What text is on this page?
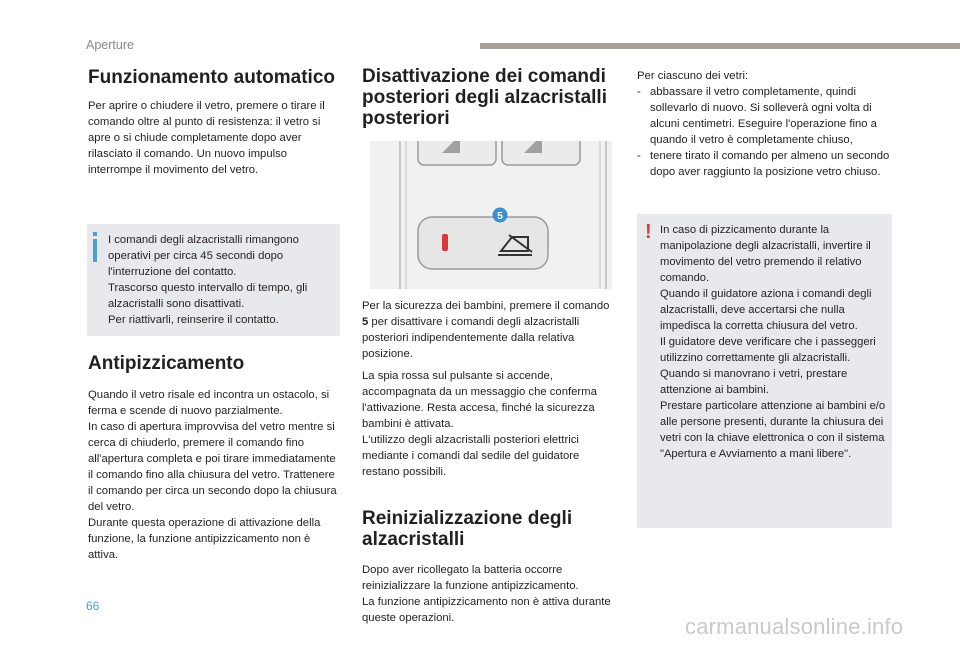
Aperture
Funzionamento automatico

Per aprire o chiudere il vetro, premere o tirare il comando oltre al punto di resistenza: il vetro si apre o si chiude completamente dopo aver rilasciato il comando. Un nuovo impulso interrompe il movimento del vetro.

I comandi degli alzacristalli rimangono operativi per circa 45 secondi dopo l'interruzione del contatto.

Trascorso questo intervallo di tempo, gli alzacristalli sono disattivati.

Per riattivarli, reinserire il contatto.

Antipizzicamento

Quando il vetro risale ed incontra un ostacolo, si ferma e scende di nuovo parzialmente.

In caso di apertura improvvisa del vetro mentre si cerca di chiuderlo, premere il comando fino all'apertura completa e poi tirare immediatamente il comando fino alla chiusura del vetro. Trattenere il comando per circa un secondo dopo la chiusura del vetro.

Durante questa operazione di attivazione della funzione, la funzione antipizzicamento non è attiva.

Disattivazione dei comandi posteriori degli alzacristalli posteriori
5

Per la sicurezza dei bambini, premere il comando 5 per disattivare i comandi degli alzacristalli posteriori indipendentemente dalla relativa posizione.

La spia rossa sul pulsante si accende, accompagnata da un messaggio che conferma l'attivazione. Resta accesa, finché la sicurezza bambini è attivata.

L'utilizzo degli alzacristalli posteriori elettrici mediante i comandi dal sedile del guidatore restano possibili.

Reinizializzazione degli alzacristalli

Dopo aver ricollegato la batteria occorre reinizializzare la funzione antipizzicamento.

La funzione antipizzicamento non è attiva durante queste operazioni.

Per ciascuno dei vetri:

- abbassare il vetro completamente, quindi sollevarlo di nuovo. Si solleverà ogni volta di alcuni centimetri. Eseguire l'operazione fino a quando il vetro è completamente chiuso,
- tenere tirato il comando per almeno un secondo dopo aver raggiunto la posizione vetro chiuso.
! In caso di pizzicamento durante la manipolazione degli alzacristalli, invertire il movimento del vetro premendo il relativo comando.

Quando il guidatore aziona i comandi degli alzacristalli, deve accertarsi che nulla impedisca la corretta chiusura del vetro.

Il guidatore deve verificare che i passeggeri utilizzino correttamente gli alzacristalli.

Quando si manovrano i vetri, prestare attenzione ai bambini.

Prestare particolare attenzione ai bambini e/o alle persone presenti, durante la chiusura dei vetri con la chiave elettronica o con il sistema "Apertura e Avviamento a mani libere".

66
carmanualsonline.info
